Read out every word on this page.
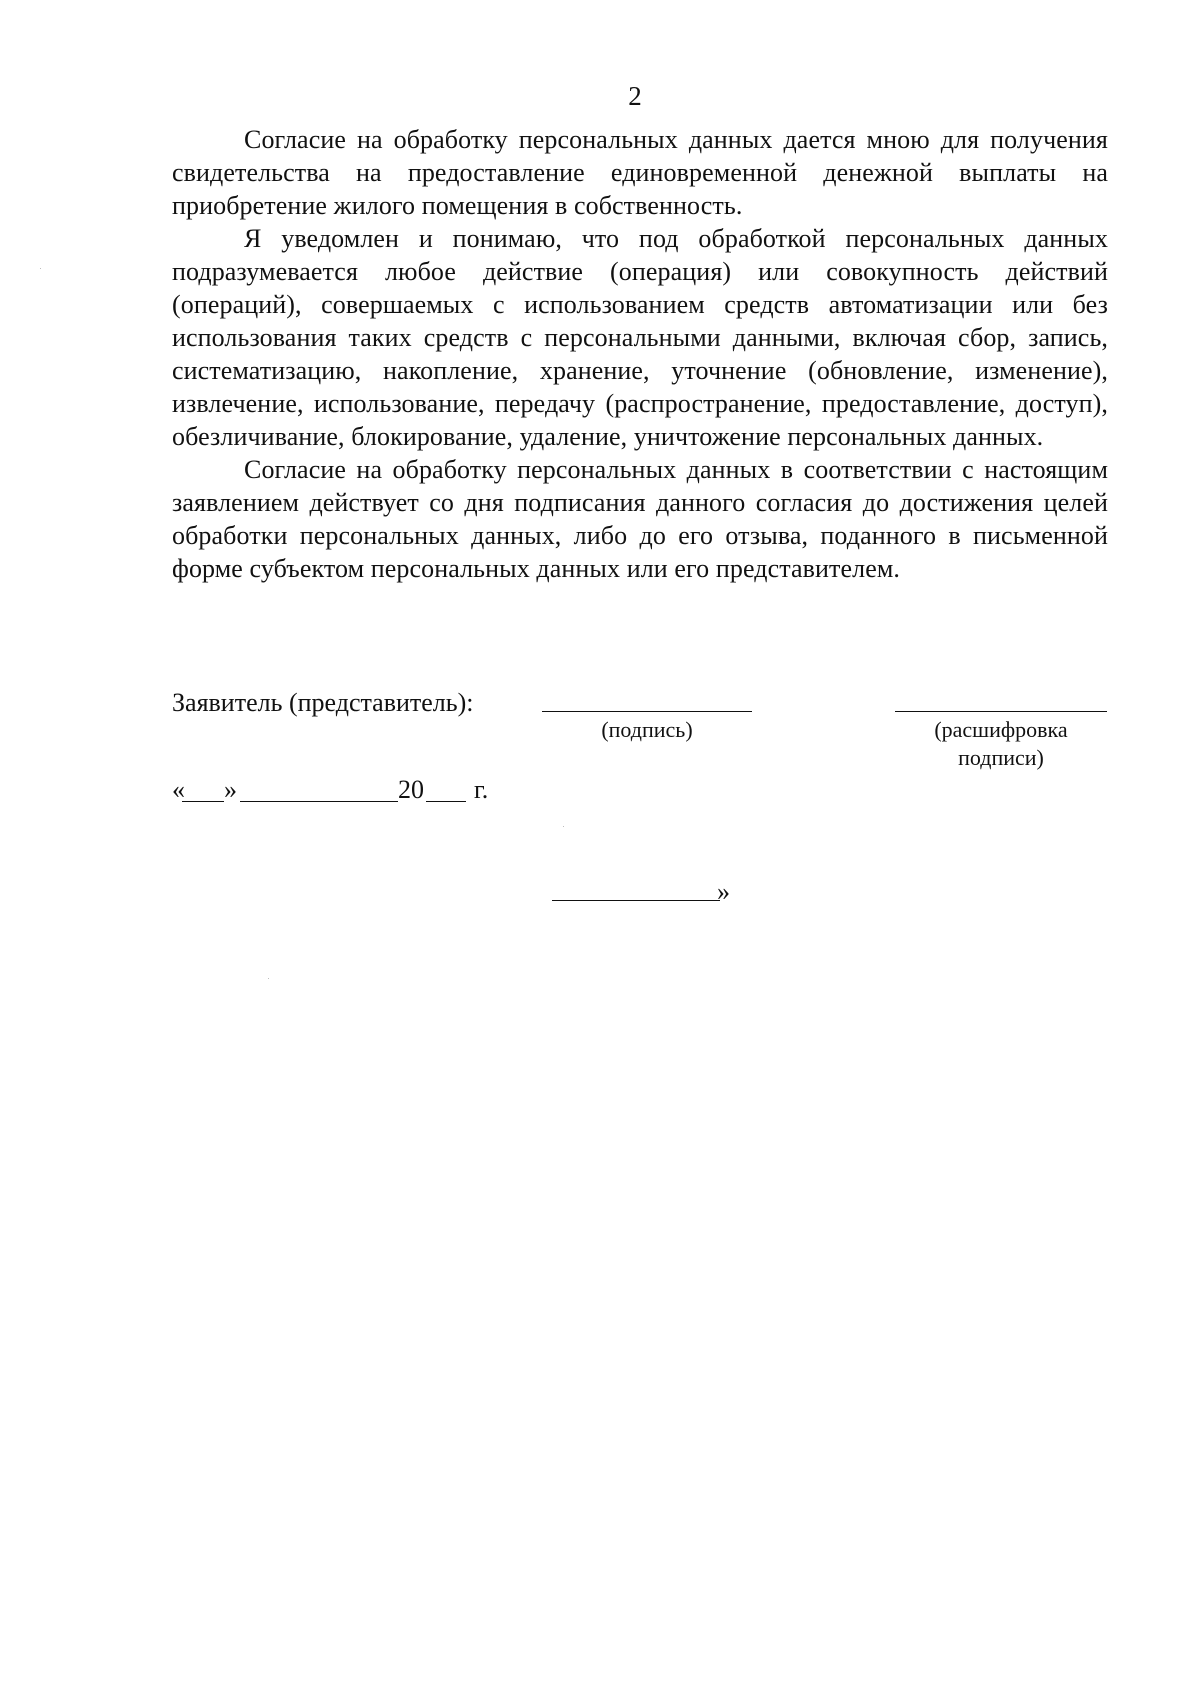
2

Согласие на обработку персональных данных дается мною для получения свидетельства на предоставление единовременной денежной выплаты на приобретение жилого помещения в собственность.

Я уведомлен и понимаю, что под обработкой персональных данных подразумевается любое действие (операция) или совокупность действий (операций), совершаемых с использованием средств автоматизации или без использования таких средств с персональными данными, включая сбор, запись, систематизацию, накопление, хранение, уточнение (обновление, изменение), извлечение, использование, передачу (распространение, предоставление, доступ), обезличивание, блокирование, удаление, уничтожение персональных данных.

Согласие на обработку персональных данных в соответствии с настоящим заявлением действует со дня подписания данного согласия до достижения целей обработки персональных данных, либо до его отзыва, поданного в письменной форме субъектом персональных данных или его представителем.

Заявитель (представитель):
(подпись)	(расшифровка подписи)
« »	20 г.
»
